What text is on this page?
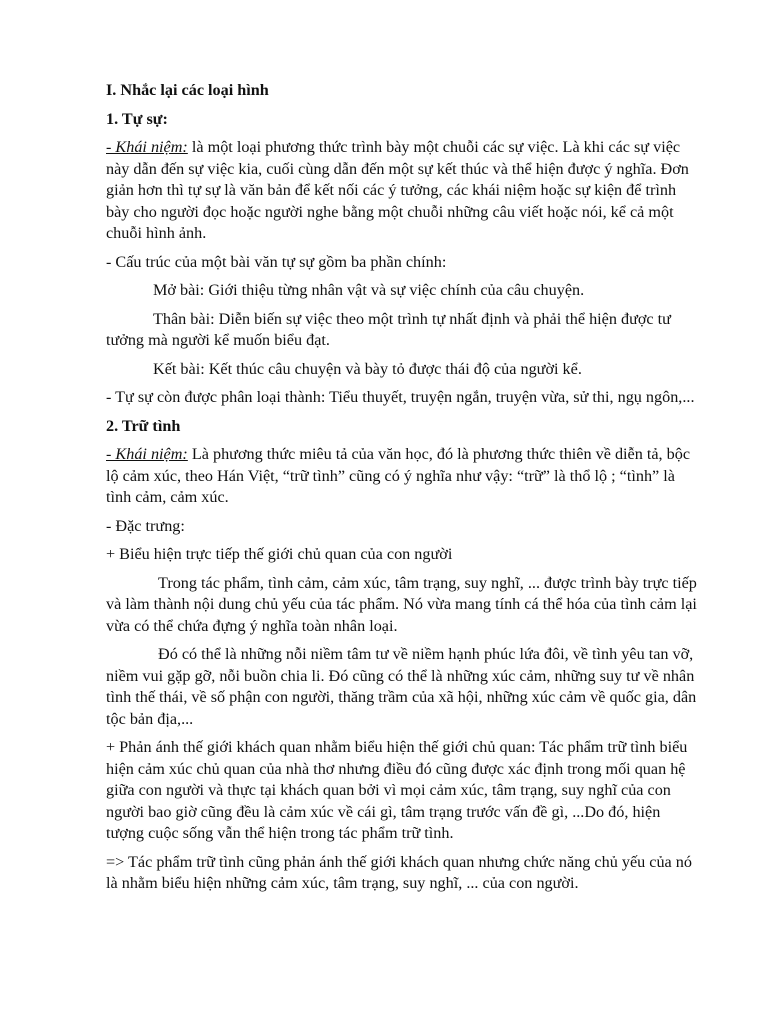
I. Nhắc lại các loại hình

1. Tự sự:

- Khái niệm: là một loại phương thức trình bày một chuỗi các sự việc. Là khi các sự việc này dẫn đến sự việc kia, cuối cùng dẫn đến một sự kết thúc và thể hiện được ý nghĩa. Đơn giản hơn thì tự sự là văn bản để kết nối các ý tưởng, các khái niệm hoặc sự kiện để trình bày cho người đọc hoặc người nghe bằng một chuỗi những câu viết hoặc nói, kể cả một chuỗi hình ảnh.

- Cấu trúc của một bài văn tự sự gồm ba phần chính:

Mở bài: Giới thiệu từng nhân vật và sự việc chính của câu chuyện.

Thân bài: Diễn biến sự việc theo một trình tự nhất định và phải thể hiện được tư tưởng mà người kể muốn biểu đạt.

Kết bài: Kết thúc câu chuyện và bày tỏ được thái độ của người kể.

- Tự sự còn được phân loại thành: Tiểu thuyết, truyện ngắn, truyện vừa, sử thi, ngụ ngôn,...

2. Trữ tình

- Khái niệm: Là phương thức miêu tả của văn học, đó là phương thức thiên về diễn tả, bộc lộ cảm xúc, theo Hán Việt, “trữ tình” cũng có ý nghĩa như vậy: “trữ” là thổ lộ ; “tình” là tình cảm, cảm xúc.

- Đặc trưng:

+ Biểu hiện trực tiếp thế giới chủ quan của con người

Trong tác phẩm, tình cảm, cảm xúc, tâm trạng, suy nghĩ, ... được trình bày trực tiếp và làm thành nội dung chủ yếu của tác phẩm. Nó vừa mang tính cá thể hóa của tình cảm lại vừa có thể chứa đựng ý nghĩa toàn nhân loại.

Đó có thể là những nỗi niềm tâm tư về niềm hạnh phúc lứa đôi, về tình yêu tan vỡ, niềm vui gặp gỡ, nỗi buồn chia li. Đó cũng có thể là những xúc cảm, những suy tư về nhân tình thế thái, về số phận con người, thăng trầm của xã hội, những xúc cảm về quốc gia, dân tộc bản địa,...

+ Phản ánh thế giới khách quan nhằm biểu hiện thế giới chủ quan: Tác phẩm trữ tình biểu hiện cảm xúc chủ quan của nhà thơ nhưng điều đó cũng được xác định trong mối quan hệ giữa con người và thực tại khách quan bởi vì mọi cảm xúc, tâm trạng, suy nghĩ của con người bao giờ cũng đều là cảm xúc về cái gì, tâm trạng trước vấn đề gì, ...Do đó, hiện tượng cuộc sống vẫn thể hiện trong tác phẩm trữ tình.

=> Tác phẩm trữ tình cũng phản ánh thế giới khách quan nhưng chức năng chủ yếu của nó là nhằm biểu hiện những cảm xúc, tâm trạng, suy nghĩ, ... của con người.
